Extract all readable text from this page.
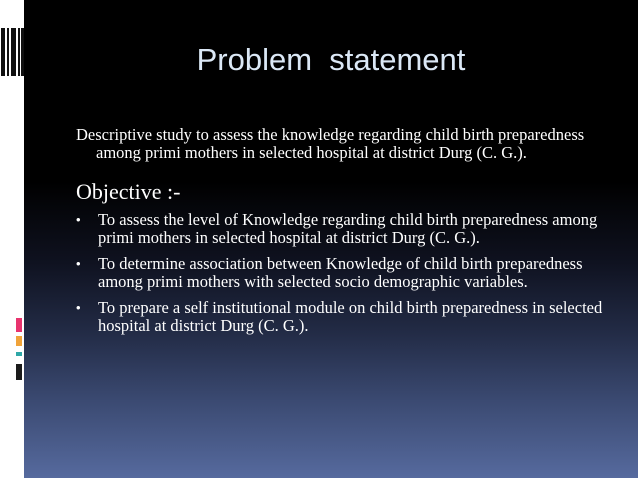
Problem  statement

Descriptive study to assess the knowledge regarding child birth preparedness among primi mothers in selected hospital at district Durg (C. G.).

Objective :-
• To assess the level of Knowledge regarding child birth preparedness among primi mothers in selected hospital at district Durg (C. G.).
• To determine association between Knowledge of child birth preparedness among primi mothers with selected socio demographic variables.
• To prepare a self institutional module on child birth preparedness in selected hospital at district Durg (C. G.).
